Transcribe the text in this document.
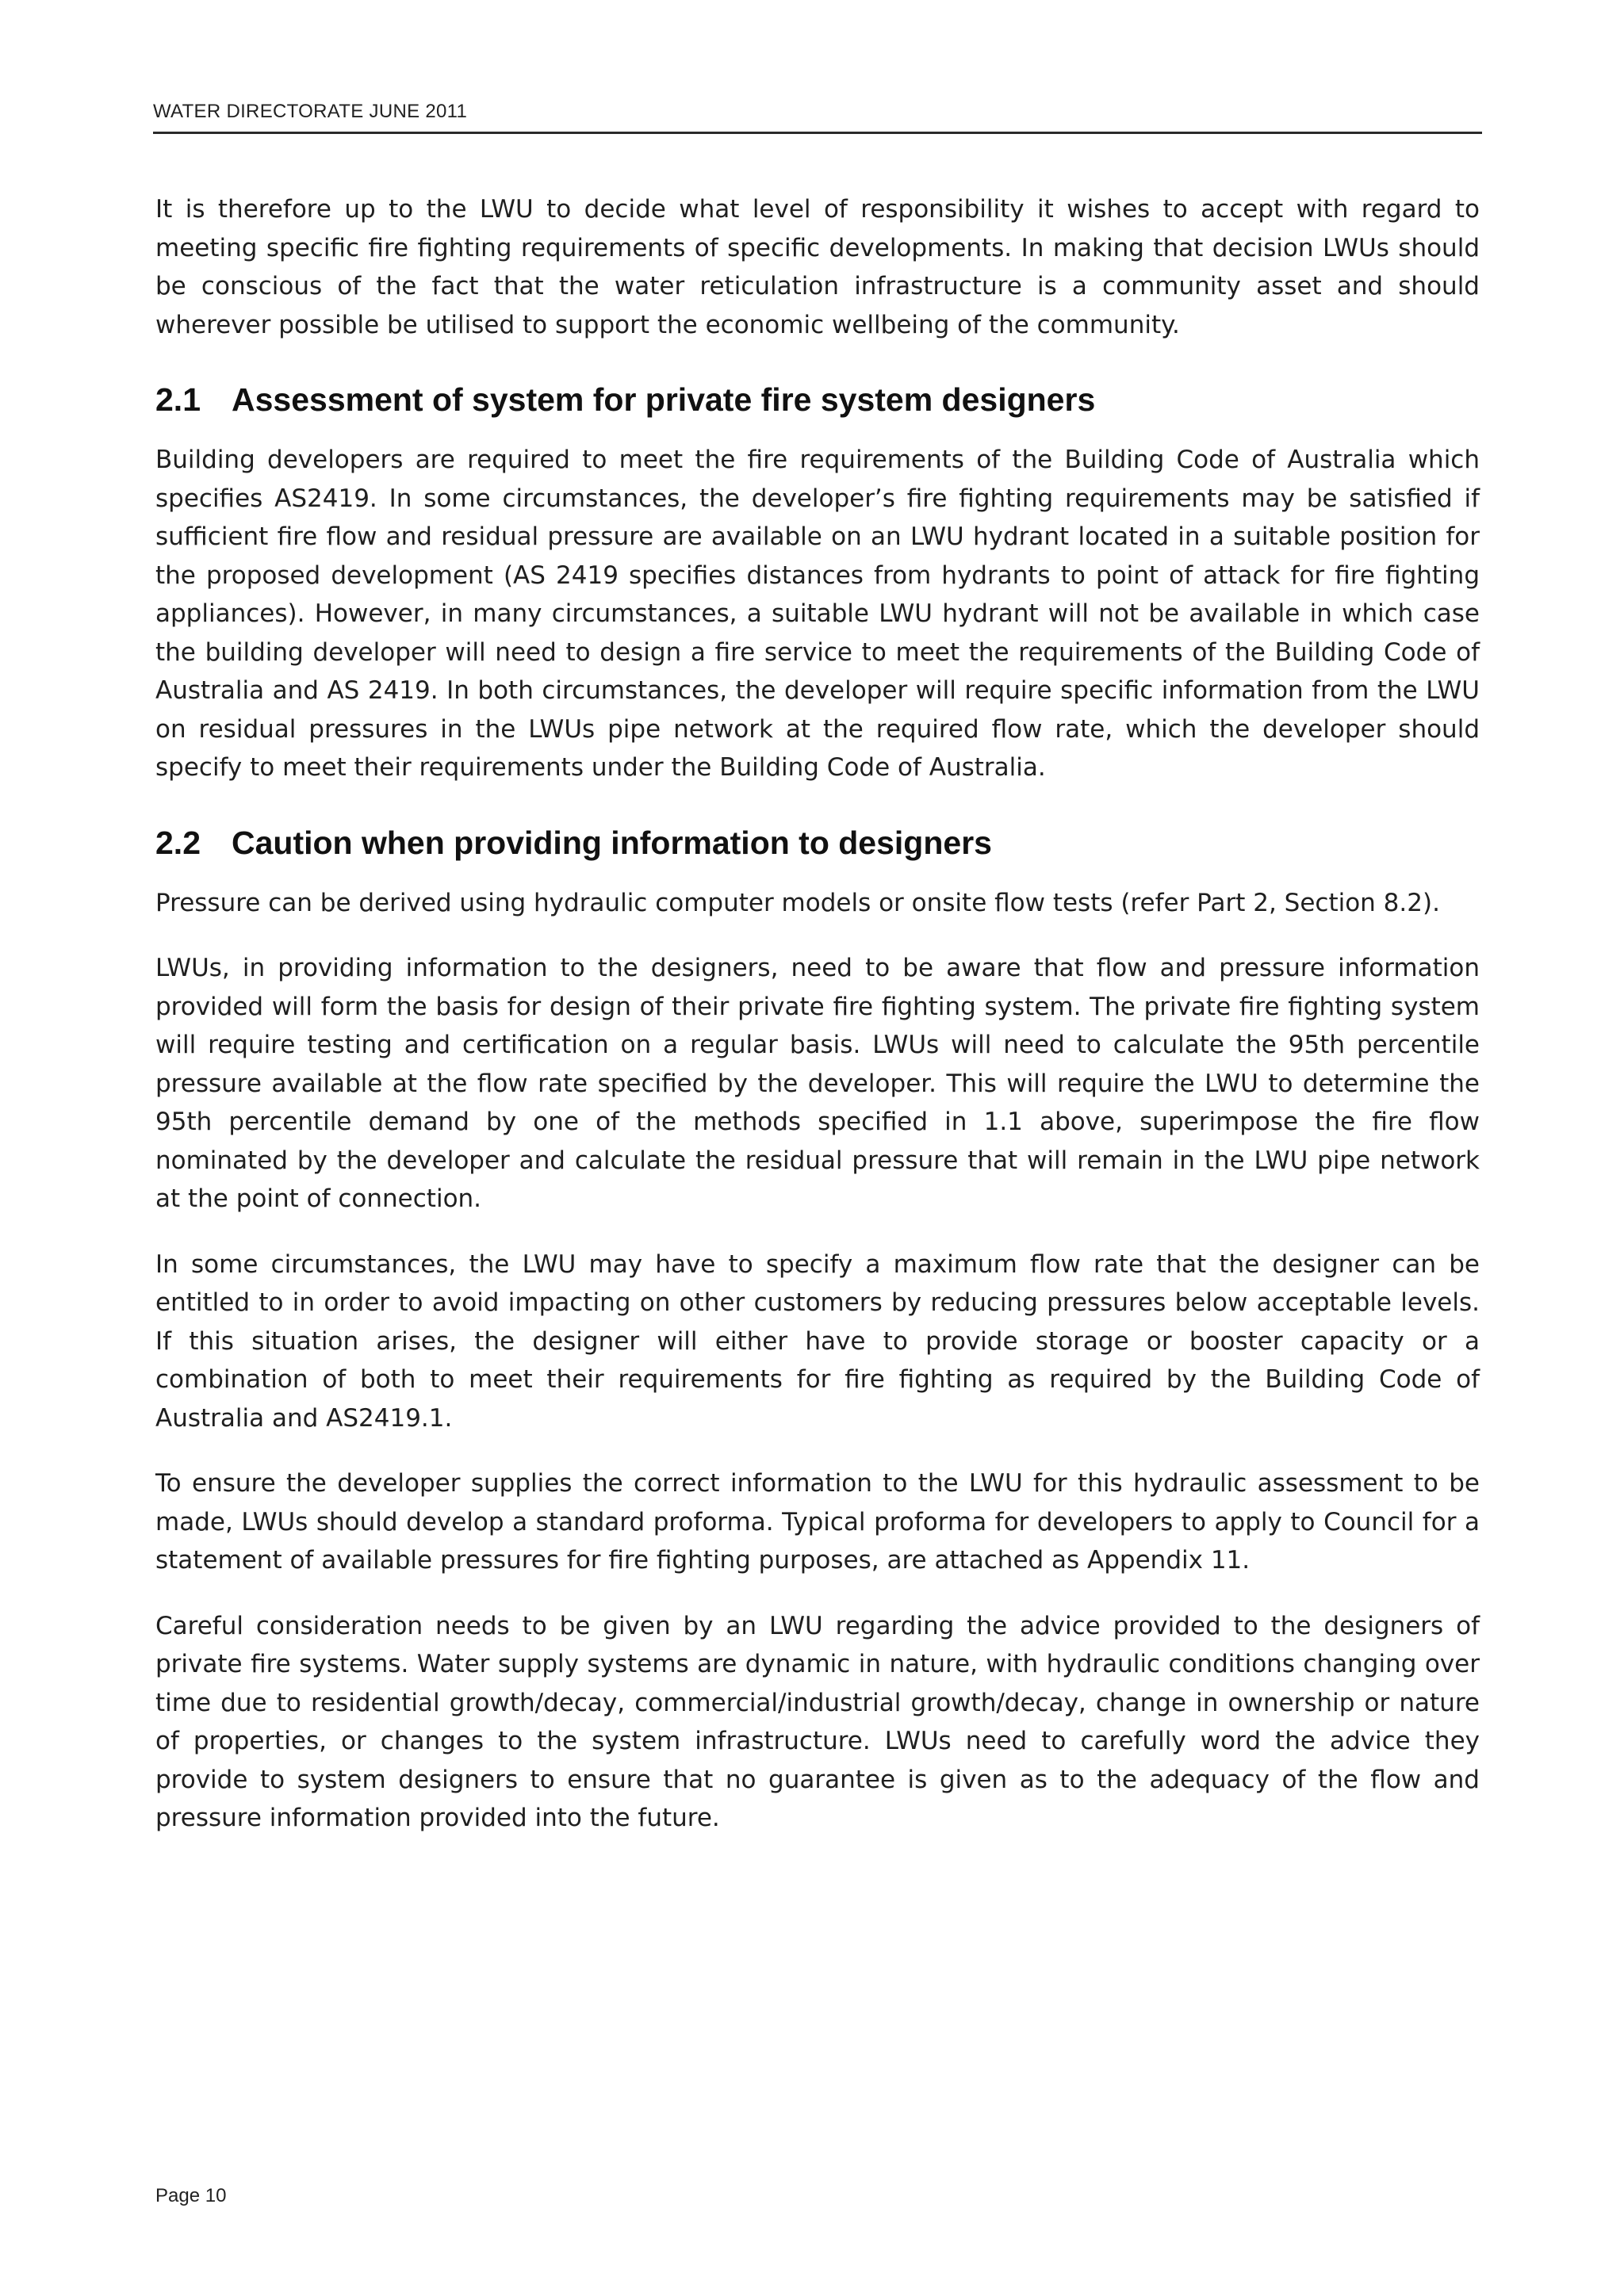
WATER DIRECTORATE JUNE 2011

It is therefore up to the LWU to decide what level of responsibility it wishes to accept with regard to meeting specific fire fighting requirements of specific developments. In making that decision LWUs should be conscious of the fact that the water reticulation infrastructure is a community asset and should wherever possible be utilised to support the economic wellbeing of the community.

2.1 Assessment of system for private fire system designers

Building developers are required to meet the fire requirements of the Building Code of Australia which specifies AS2419. In some circumstances, the developer’s fire fighting requirements may be satisfied if sufficient fire flow and residual pressure are available on an LWU hydrant located in a suitable position for the proposed development (AS 2419 specifies distances from hydrants to point of attack for fire fighting appliances). However, in many circumstances, a suitable LWU hydrant will not be available in which case the building developer will need to design a fire service to meet the requirements of the Building Code of Australia and AS 2419. In both circumstances, the developer will require specific information from the LWU on residual pressures in the LWUs pipe network at the required flow rate, which the developer should specify to meet their requirements under the Building Code of Australia.

2.2 Caution when providing information to designers

Pressure can be derived using hydraulic computer models or onsite flow tests (refer Part 2, Section 8.2).

LWUs, in providing information to the designers, need to be aware that flow and pressure information provided will form the basis for design of their private fire fighting system. The private fire fighting system will require testing and certification on a regular basis. LWUs will need to calculate the 95th percentile pressure available at the flow rate specified by the developer. This will require the LWU to determine the 95th percentile demand by one of the methods specified in 1.1 above, superimpose the fire flow nominated by the developer and calculate the residual pressure that will remain in the LWU pipe network at the point of connection.

In some circumstances, the LWU may have to specify a maximum flow rate that the designer can be entitled to in order to avoid impacting on other customers by reducing pressures below acceptable levels. If this situation arises, the designer will either have to provide storage or booster capacity or a combination of both to meet their requirements for fire fighting as required by the Building Code of Australia and AS2419.1.

To ensure the developer supplies the correct information to the LWU for this hydraulic assessment to be made, LWUs should develop a standard proforma. Typical proforma for developers to apply to Council for a statement of available pressures for fire fighting purposes, are attached as Appendix 11.

Careful consideration needs to be given by an LWU regarding the advice provided to the designers of private fire systems. Water supply systems are dynamic in nature, with hydraulic conditions changing over time due to residential growth/decay, commercial/industrial growth/decay, change in ownership or nature of properties, or changes to the system infrastructure. LWUs need to carefully word the advice they provide to system designers to ensure that no guarantee is given as to the adequacy of the flow and pressure information provided into the future.

Page 10
